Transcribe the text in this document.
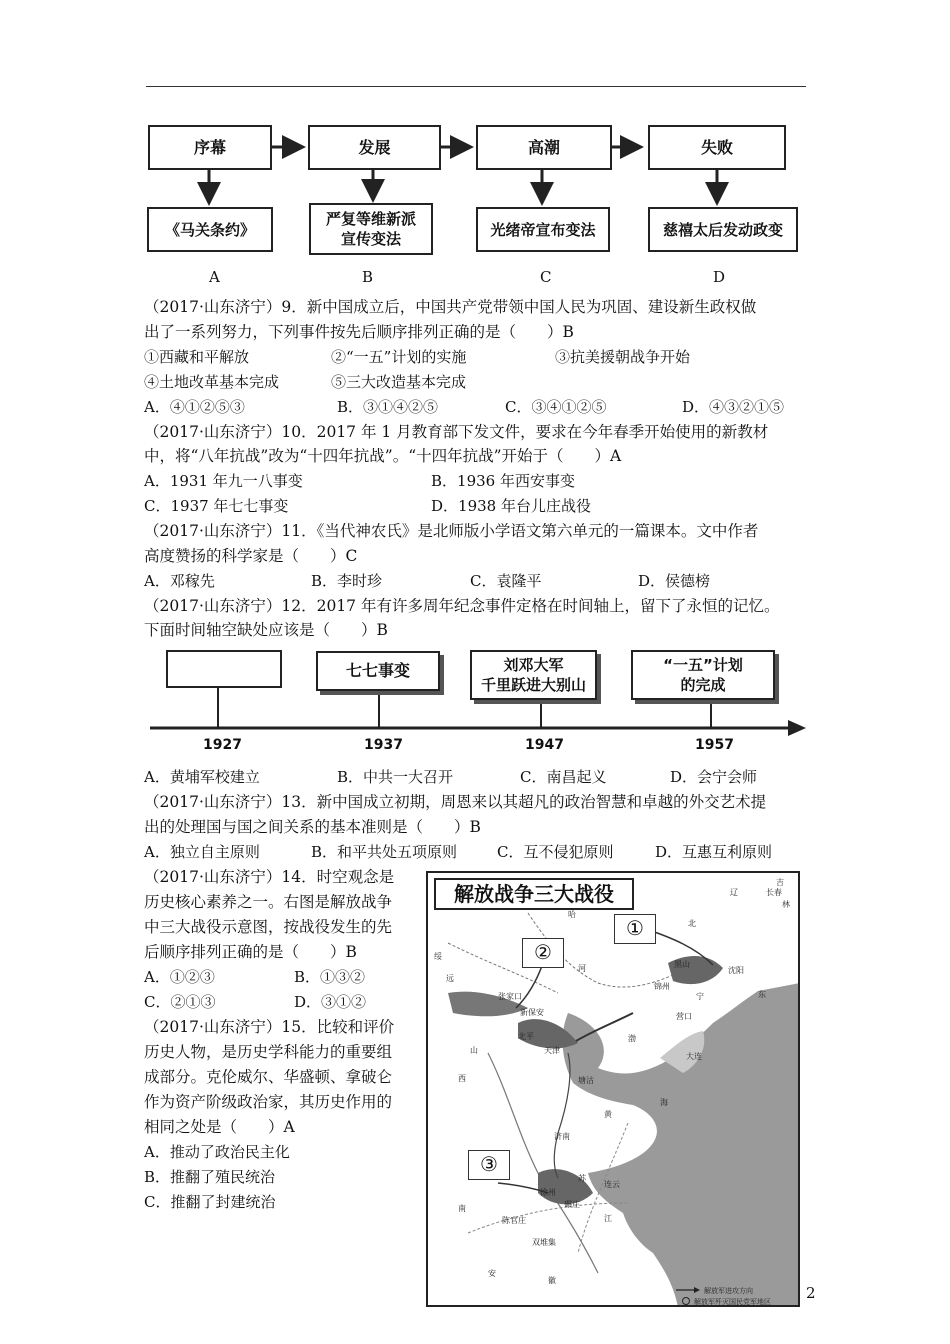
序幕	发展	高潮	失败
《马关条约》
严复等维新派
宣传变法
光绪帝宣布变法	慈禧太后发动政变
A	B	C	D
（2017·山东济宁）9．新中国成立后，中国共产党带领中国人民为巩固、建设新生政权做
出了一系列努力，下列事件按先后顺序排列正确的是（　　）B
①西藏和平解放	②“一五”计划的实施	③抗美援朝战争开始
④土地改革基本完成	⑤三大改造基本完成
A．④①②⑤③	B．③①④②⑤	C．③④①②⑤	D．④③②①⑤
（2017·山东济宁）10．2017 年 1 月教育部下发文件，要求在今年春季开始使用的新教材
中，将“八年抗战”改为“十四年抗战”。“十四年抗战”开始于（　　）A
A．1931 年九一八事变	B．1936 年西安事变
C．1937 年七七事变	D．1938 年台儿庄战役
（2017·山东济宁）11．《当代神农氏》是北师版小学语文第六单元的一篇课本。文中作者
高度赞扬的科学家是（　　）C
A．邓稼先	B．李时珍	C．袁隆平	D．侯德榜
（2017·山东济宁）12．2017 年有许多周年纪念事件定格在时间轴上，留下了永恒的记忆。
下面时间轴空缺处应该是（　　）B
七七事变	刘邓大军
千里跃进大别山
“一五”计划
的完成
1927	1937	1947	1957
A．黄埔军校建立	B．中共一大召开	C．南昌起义	D．会宁会师
（2017·山东济宁）13．新中国成立初期，周恩来以其超凡的政治智慧和卓越的外交艺术提
出的处理国与国之间关系的基本准则是（　　）B
A．独立自主原则	B．和平共处五项原则	C．互不侵犯原则	D．互惠互利原则
（2017·山东济宁）14．时空观念是
历史核心素养之一。右图是解放战争
中三大战役示意图，按战役发生的先
后顺序排列正确的是（　　）B
A．①②③	B．①③②
C．②①③	D．③①②
（2017·山东济宁）15．比较和评价
历史人物，是历史学科能力的重要组
成部分。克伦威尔、华盛顿、拿破仑
作为资产阶级政治家，其历史作用的
相同之处是（　　）A
A．推动了政治民主化
B．推翻了殖民统治
C．推翻了封建统治
解放战争三大战役
①
②
③
吉
长春
辽
林
北
哈
绥
沈阳
黑山
锦州
张家口
新保安
北平
天津
塘沽
营口
大连
济南
徐州
碾庄
陈官庄
双堆集
连云
宁	东
河
渤
海
黄
山
远
西
南
苏
江
安
徽
解放军进攻方向
解放军歼灭国民党军地区 2
